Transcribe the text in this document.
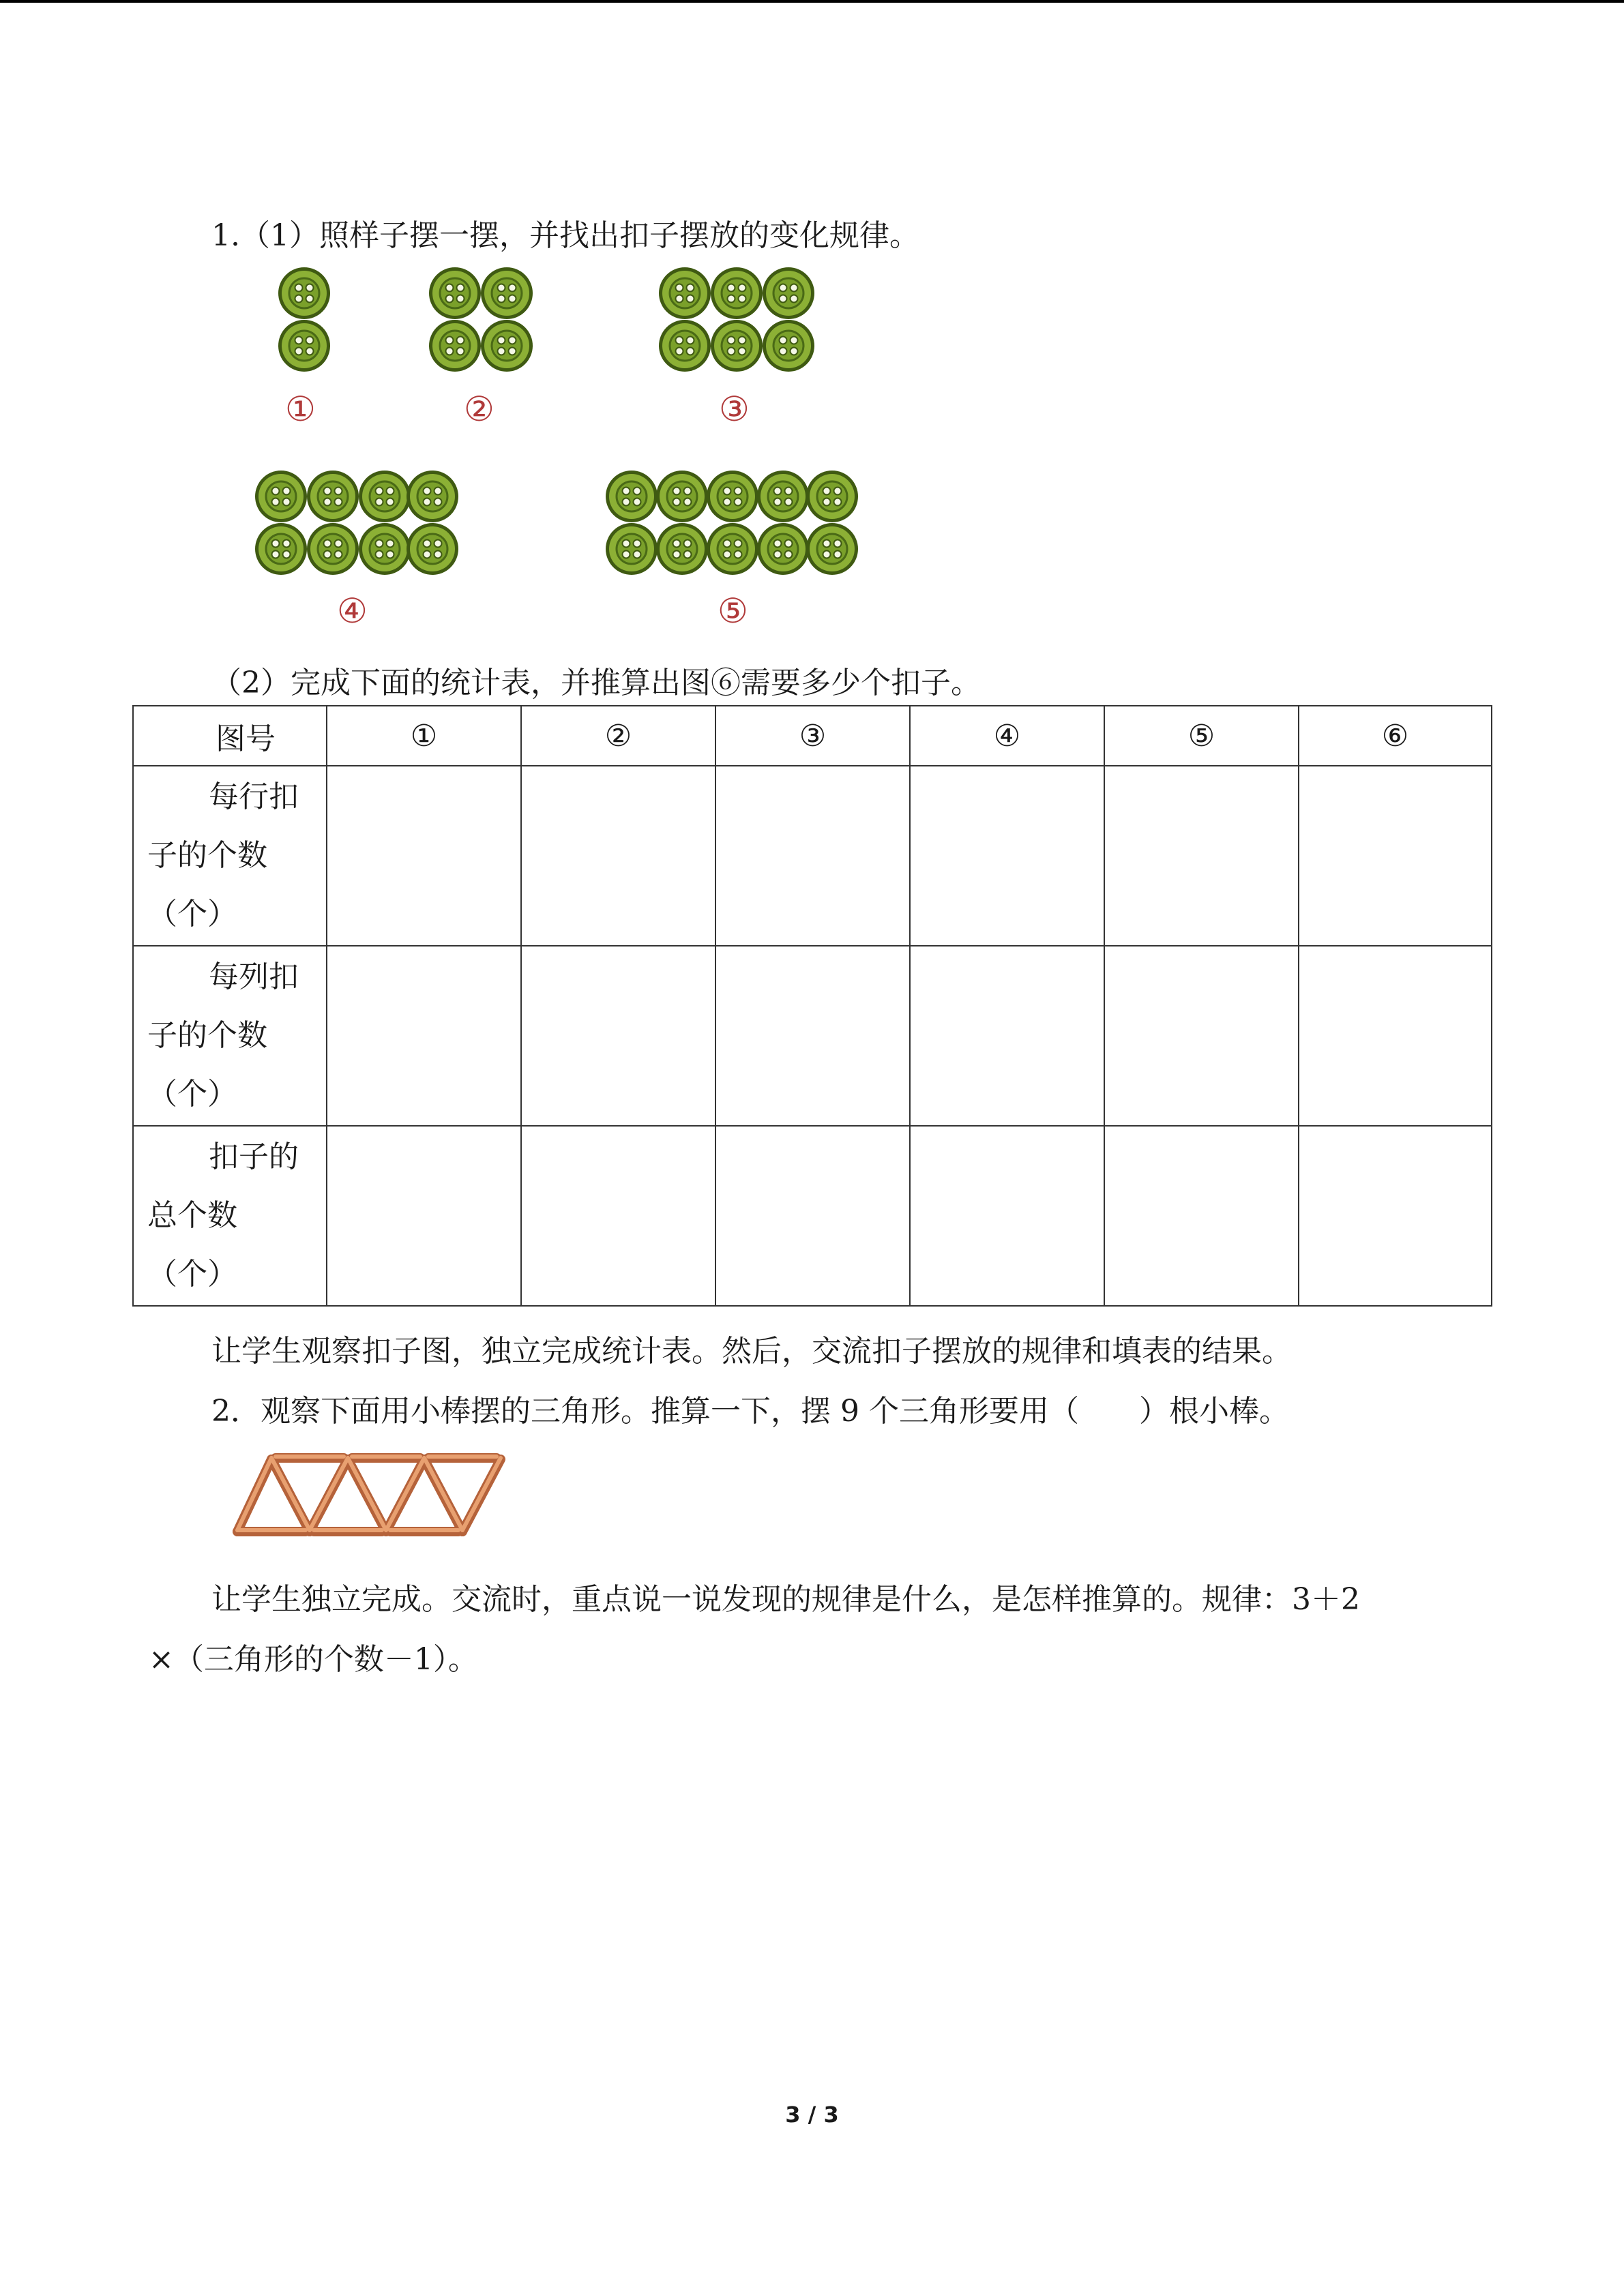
1.（1）照样子摆一摆，并找出扣子摆放的变化规律。
①	②	③
④	⑤
（2）完成下面的统计表，并推算出图⑥需要多少个扣子。
图号	①	②	③	④	⑤	⑥

每行扣
子的个数
（个）						

每列扣
子的个数
（个）						

扣子的
总个数
（个）						

让学生观察扣子图，独立完成统计表。然后，交流扣子摆放的规律和填表的结果。
2．观察下面用小棒摆的三角形。推算一下，摆 9 个三角形要用（　　）根小棒。
让学生独立完成。交流时，重点说一说发现的规律是什么，是怎样推算的。规律：3＋2
×（三角形的个数－1）。
3 / 3
